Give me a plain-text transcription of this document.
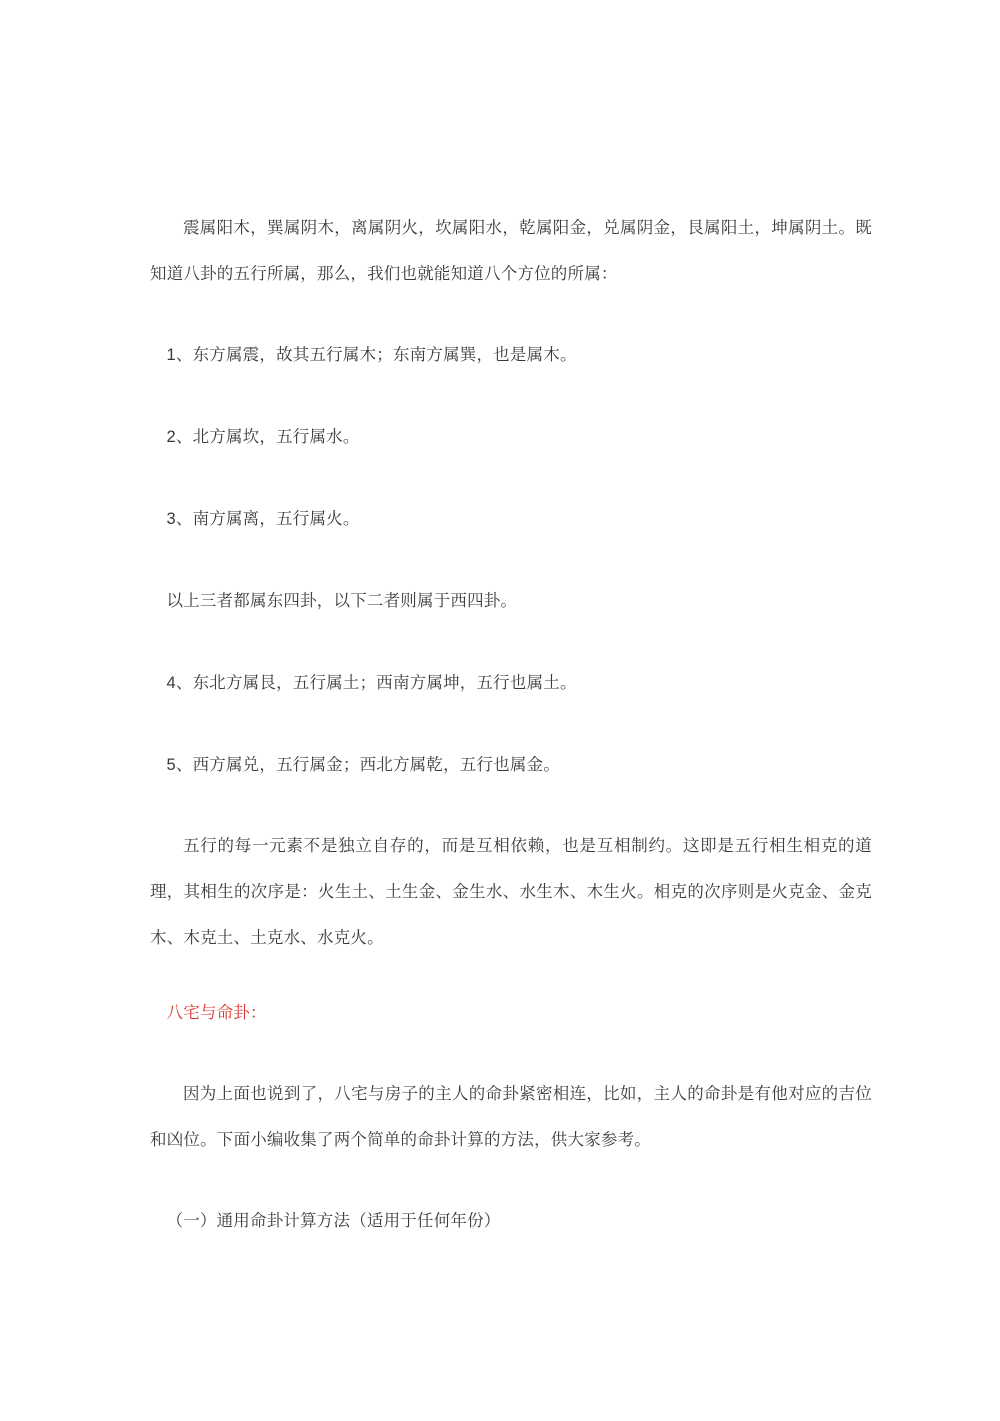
震属阳木，巽属阴木，离属阴火，坎属阳水，乾属阳金，兑属阴金，艮属阳土，坤属阴土。既知道八卦的五行所属，那么，我们也就能知道八个方位的所属：

1、东方属震，故其五行属木；东南方属巽，也是属木。

2、北方属坎，五行属水。

3、南方属离，五行属火。

以上三者都属东四卦，以下二者则属于西四卦。

4、东北方属艮，五行属土；西南方属坤，五行也属土。

5、西方属兑，五行属金；西北方属乾，五行也属金。

五行的每一元素不是独立自存的，而是互相依赖，也是互相制约。这即是五行相生相克的道理，其相生的次序是：火生土、土生金、金生水、水生木、木生火。相克的次序则是火克金、金克木、木克土、土克水、水克火。

八宅与命卦：

因为上面也说到了，八宅与房子的主人的命卦紧密相连，比如，主人的命卦是有他对应的吉位和凶位。下面小编收集了两个简单的命卦计算的方法，供大家参考。

（一）通用命卦计算方法（适用于任何年份）
